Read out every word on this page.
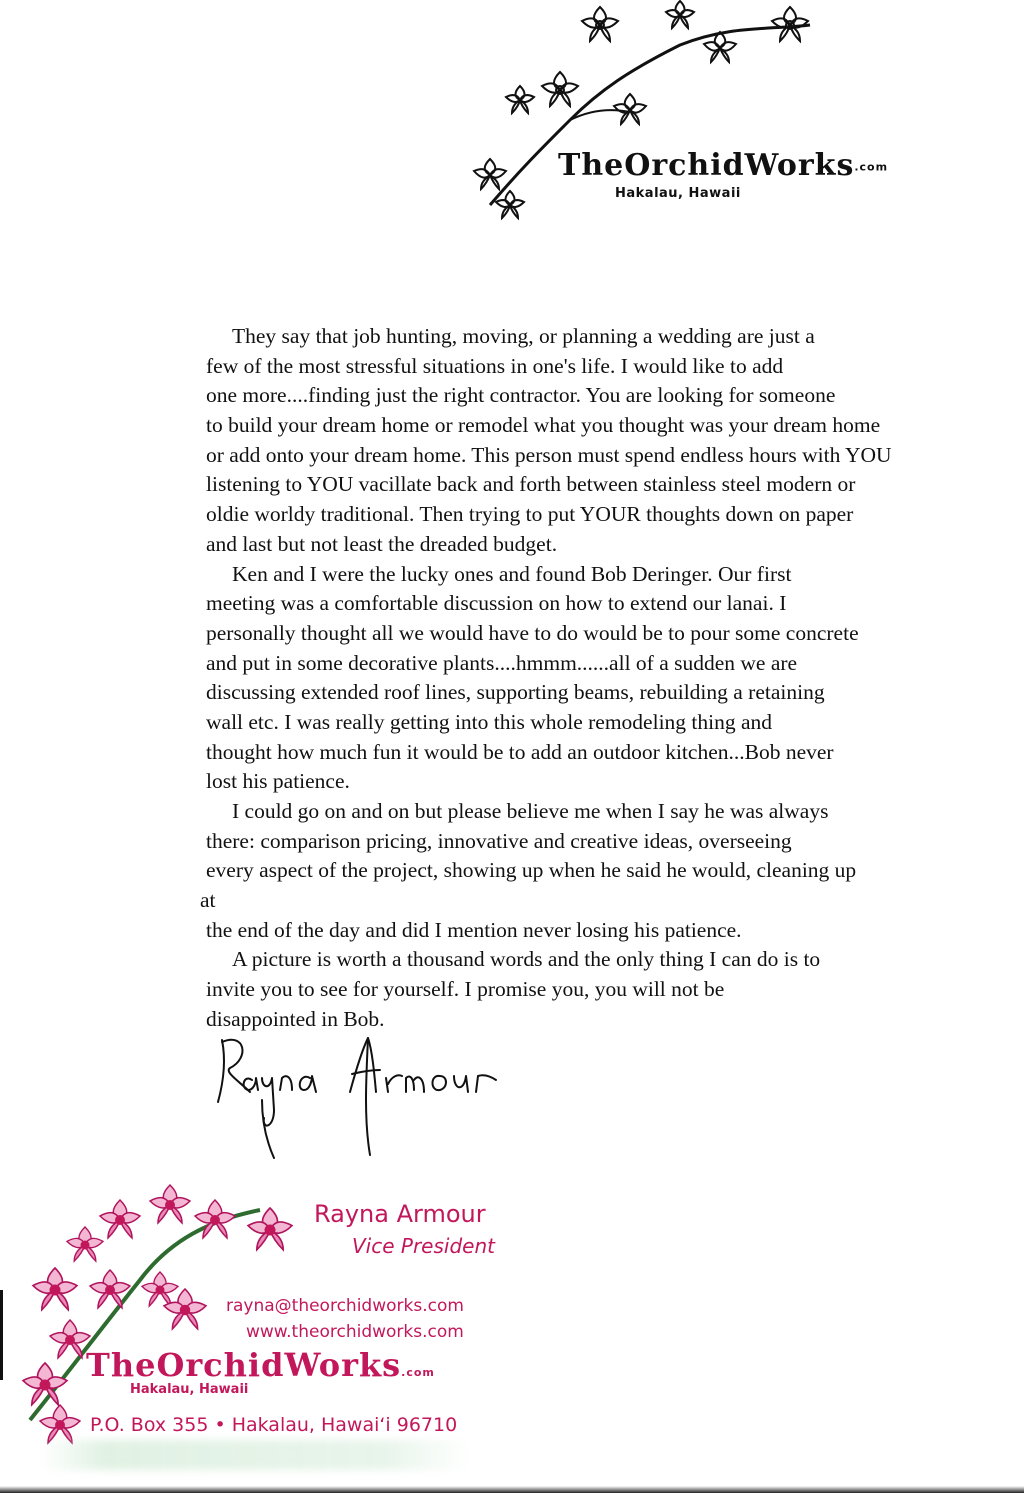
TheOrchidWorks.com
Hakalau, Hawaii
They say that job hunting, moving, or planning a wedding are just a
few of the most stressful situations in one's life. I would like to add
one more....finding just the right contractor. You are looking for someone
to build your dream home or remodel what you thought was your dream home
or add onto your dream home. This person must spend endless hours with YOU
listening to YOU vacillate back and forth between stainless steel modern or
oldie worldy traditional. Then trying to put YOUR thoughts down on paper
and last but not least the dreaded budget.
Ken and I were the lucky ones and found Bob Deringer. Our first
meeting was a comfortable discussion on how to extend our lanai. I
personally thought all we would have to do would be to pour some concrete
and put in some decorative plants....hmmm......all of a sudden we are
discussing extended roof lines, supporting beams, rebuilding a retaining
wall etc. I was really getting into this whole remodeling thing and
thought how much fun it would be to add an outdoor kitchen...Bob never
lost his patience.
I could go on and on but please believe me when I say he was always
there: comparison pricing, innovative and creative ideas, overseeing
every aspect of the project, showing up when he said he would, cleaning up
at
the end of the day and did I mention never losing his patience.
A picture is worth a thousand words and the only thing I can do is to
invite you to see for yourself. I promise you, you will not be
disappointed in Bob.
Rayna Armour
Vice President
rayna@theorchidworks.com
www.theorchidworks.com
TheOrchidWorks.com
Hakalau, Hawaii
P.O. Box 355 • Hakalau, Hawai‘i 96710
